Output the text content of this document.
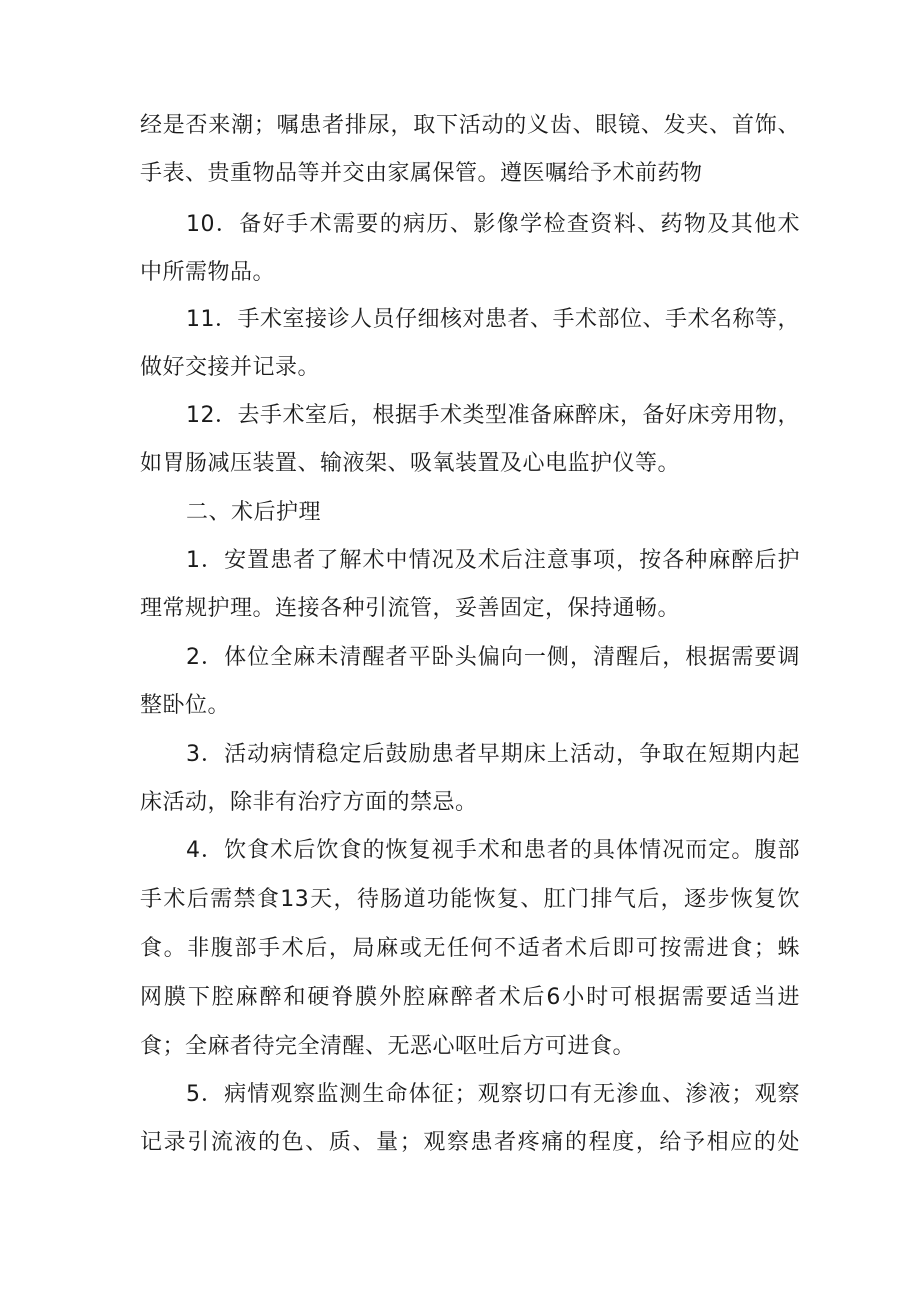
经是否来潮；嘱患者排尿，取下活动的义齿、眼镜、发夹、首饰、
手表、贵重物品等并交由家属保管。遵医嘱给予术前药物
10．备好手术需要的病历、影像学检查资料、药物及其他术
中所需物品。
11．手术室接诊人员仔细核对患者、手术部位、手术名称等，
做好交接并记录。
12．去手术室后，根据手术类型准备麻醉床，备好床旁用物，
如胃肠减压装置、输液架、吸氧装置及心电监护仪等。
二、术后护理
1．安置患者了解术中情况及术后注意事项，按各种麻醉后护
理常规护理。连接各种引流管，妥善固定，保持通畅。
2．体位全麻未清醒者平卧头偏向一侧，清醒后，根据需要调
整卧位。
3．活动病情稳定后鼓励患者早期床上活动，争取在短期内起
床活动，除非有治疗方面的禁忌。
4．饮食术后饮食的恢复视手术和患者的具体情况而定。腹部
手术后需禁食13天，待肠道功能恢复、肛门排气后，逐步恢复饮
食。非腹部手术后，局麻或无任何不适者术后即可按需进食；蛛
网膜下腔麻醉和硬脊膜外腔麻醉者术后6小时可根据需要适当进
食；全麻者待完全清醒、无恶心呕吐后方可进食。
5．病情观察监测生命体征；观察切口有无渗血、渗液；观察
记录引流液的色、质、量；观察患者疼痛的程度，给予相应的处
